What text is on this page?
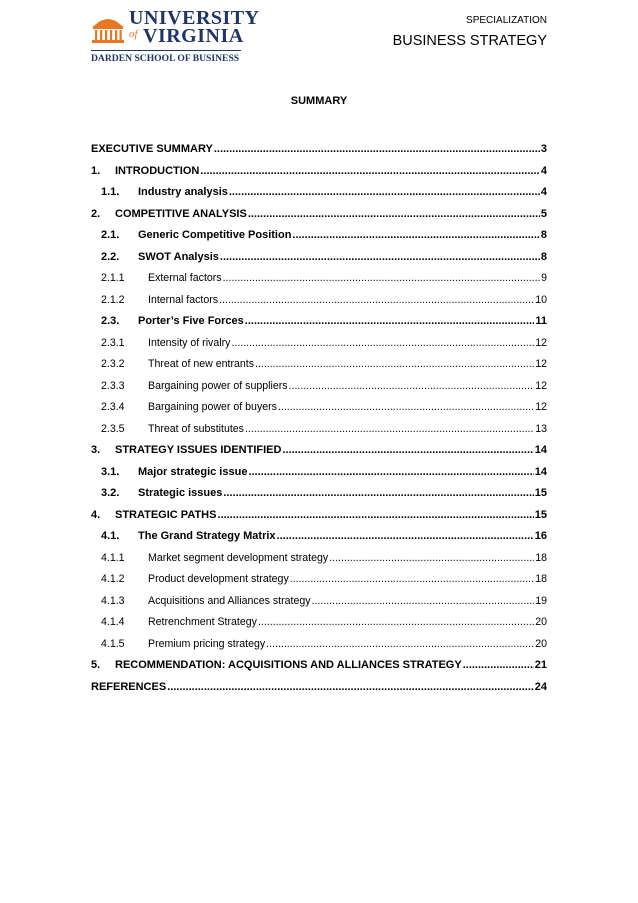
UNIVERSITY
of VIRGINIA
DARDEN SCHOOL OF BUSINESS
SPECIALIZATION
BUSINESS STRATEGY
SUMMARY
EXECUTIVE SUMMARY .....	3
1.	INTRODUCTION .....	4
1.1.	Industry analysis .....	4
2.	COMPETITIVE ANALYSIS .....	5
2.1.	Generic Competitive Position .....	8
2.2.	SWOT Analysis .....	8
2.1.1	External factors .....	9
2.1.2	Internal factors .....	10
2.3.	Porter’s Five Forces .....	11
2.3.1	Intensity of rivalry .....	12
2.3.2	Threat of new entrants .....	12
2.3.3	Bargaining power of suppliers .....	12
2.3.4	Bargaining power of buyers .....	12
2.3.5	Threat of substitutes .....	13
3.	STRATEGY ISSUES IDENTIFIED .....	14
3.1.	Major strategic issue .....	14
3.2.	Strategic issues .....	15
4.	STRATEGIC PATHS .....	15
4.1.	The Grand Strategy Matrix .....	16
4.1.1	Market segment development strategy .....	18
4.1.2	Product development strategy .....	18
4.1.3	Acquisitions and Alliances strategy .....	19
4.1.4	Retrenchment Strategy .....	20
4.1.5	Premium pricing strategy .....	20
5.	RECOMMENDATION: ACQUISITIONS AND ALLIANCES STRATEGY .....	21
REFERENCES .....	24
